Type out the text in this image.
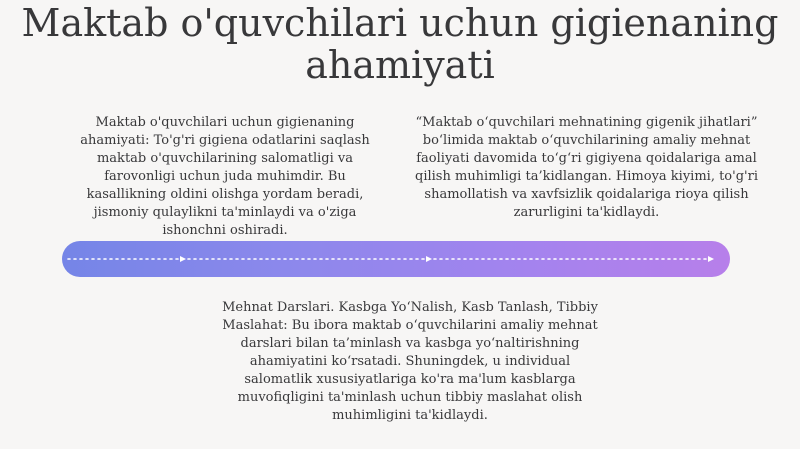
Maktab o'quvchilari uchun gigienaning ahamiyati

Maktab o'quvchilari uchun gigienaning ahamiyati: To'g'ri gigiena odatlarini saqlash maktab o'quvchilarining salomatligi va farovonligi uchun juda muhimdir. Bu kasallikning oldini olishga yordam beradi, jismoniy qulaylikni ta'minlaydi va o'ziga ishonchni oshiradi.

“Maktab o‘quvchilari mehnatining gigenik jihatlari” bo‘limida maktab o‘quvchilarining amaliy mehnat faoliyati davomida to‘g‘ri gigiyena qoidalariga amal qilish muhimligi ta’kidlangan. Himoya kiyimi, to'g'ri shamollatish va xavfsizlik qoidalariga rioya qilish zarurligini ta'kidlaydi.

Mehnat Darslari. Kasbga Yo‘Nalish, Kasb Tanlash, Tibbiy Maslahat: Bu ibora maktab o‘quvchilarini amaliy mehnat darslari bilan ta’minlash va kasbga yo‘naltirishning ahamiyatini ko‘rsatadi. Shuningdek, u individual salomatlik xususiyatlariga ko'ra ma'lum kasblarga muvofiqligini ta'minlash uchun tibbiy maslahat olish muhimligini ta'kidlaydi.
